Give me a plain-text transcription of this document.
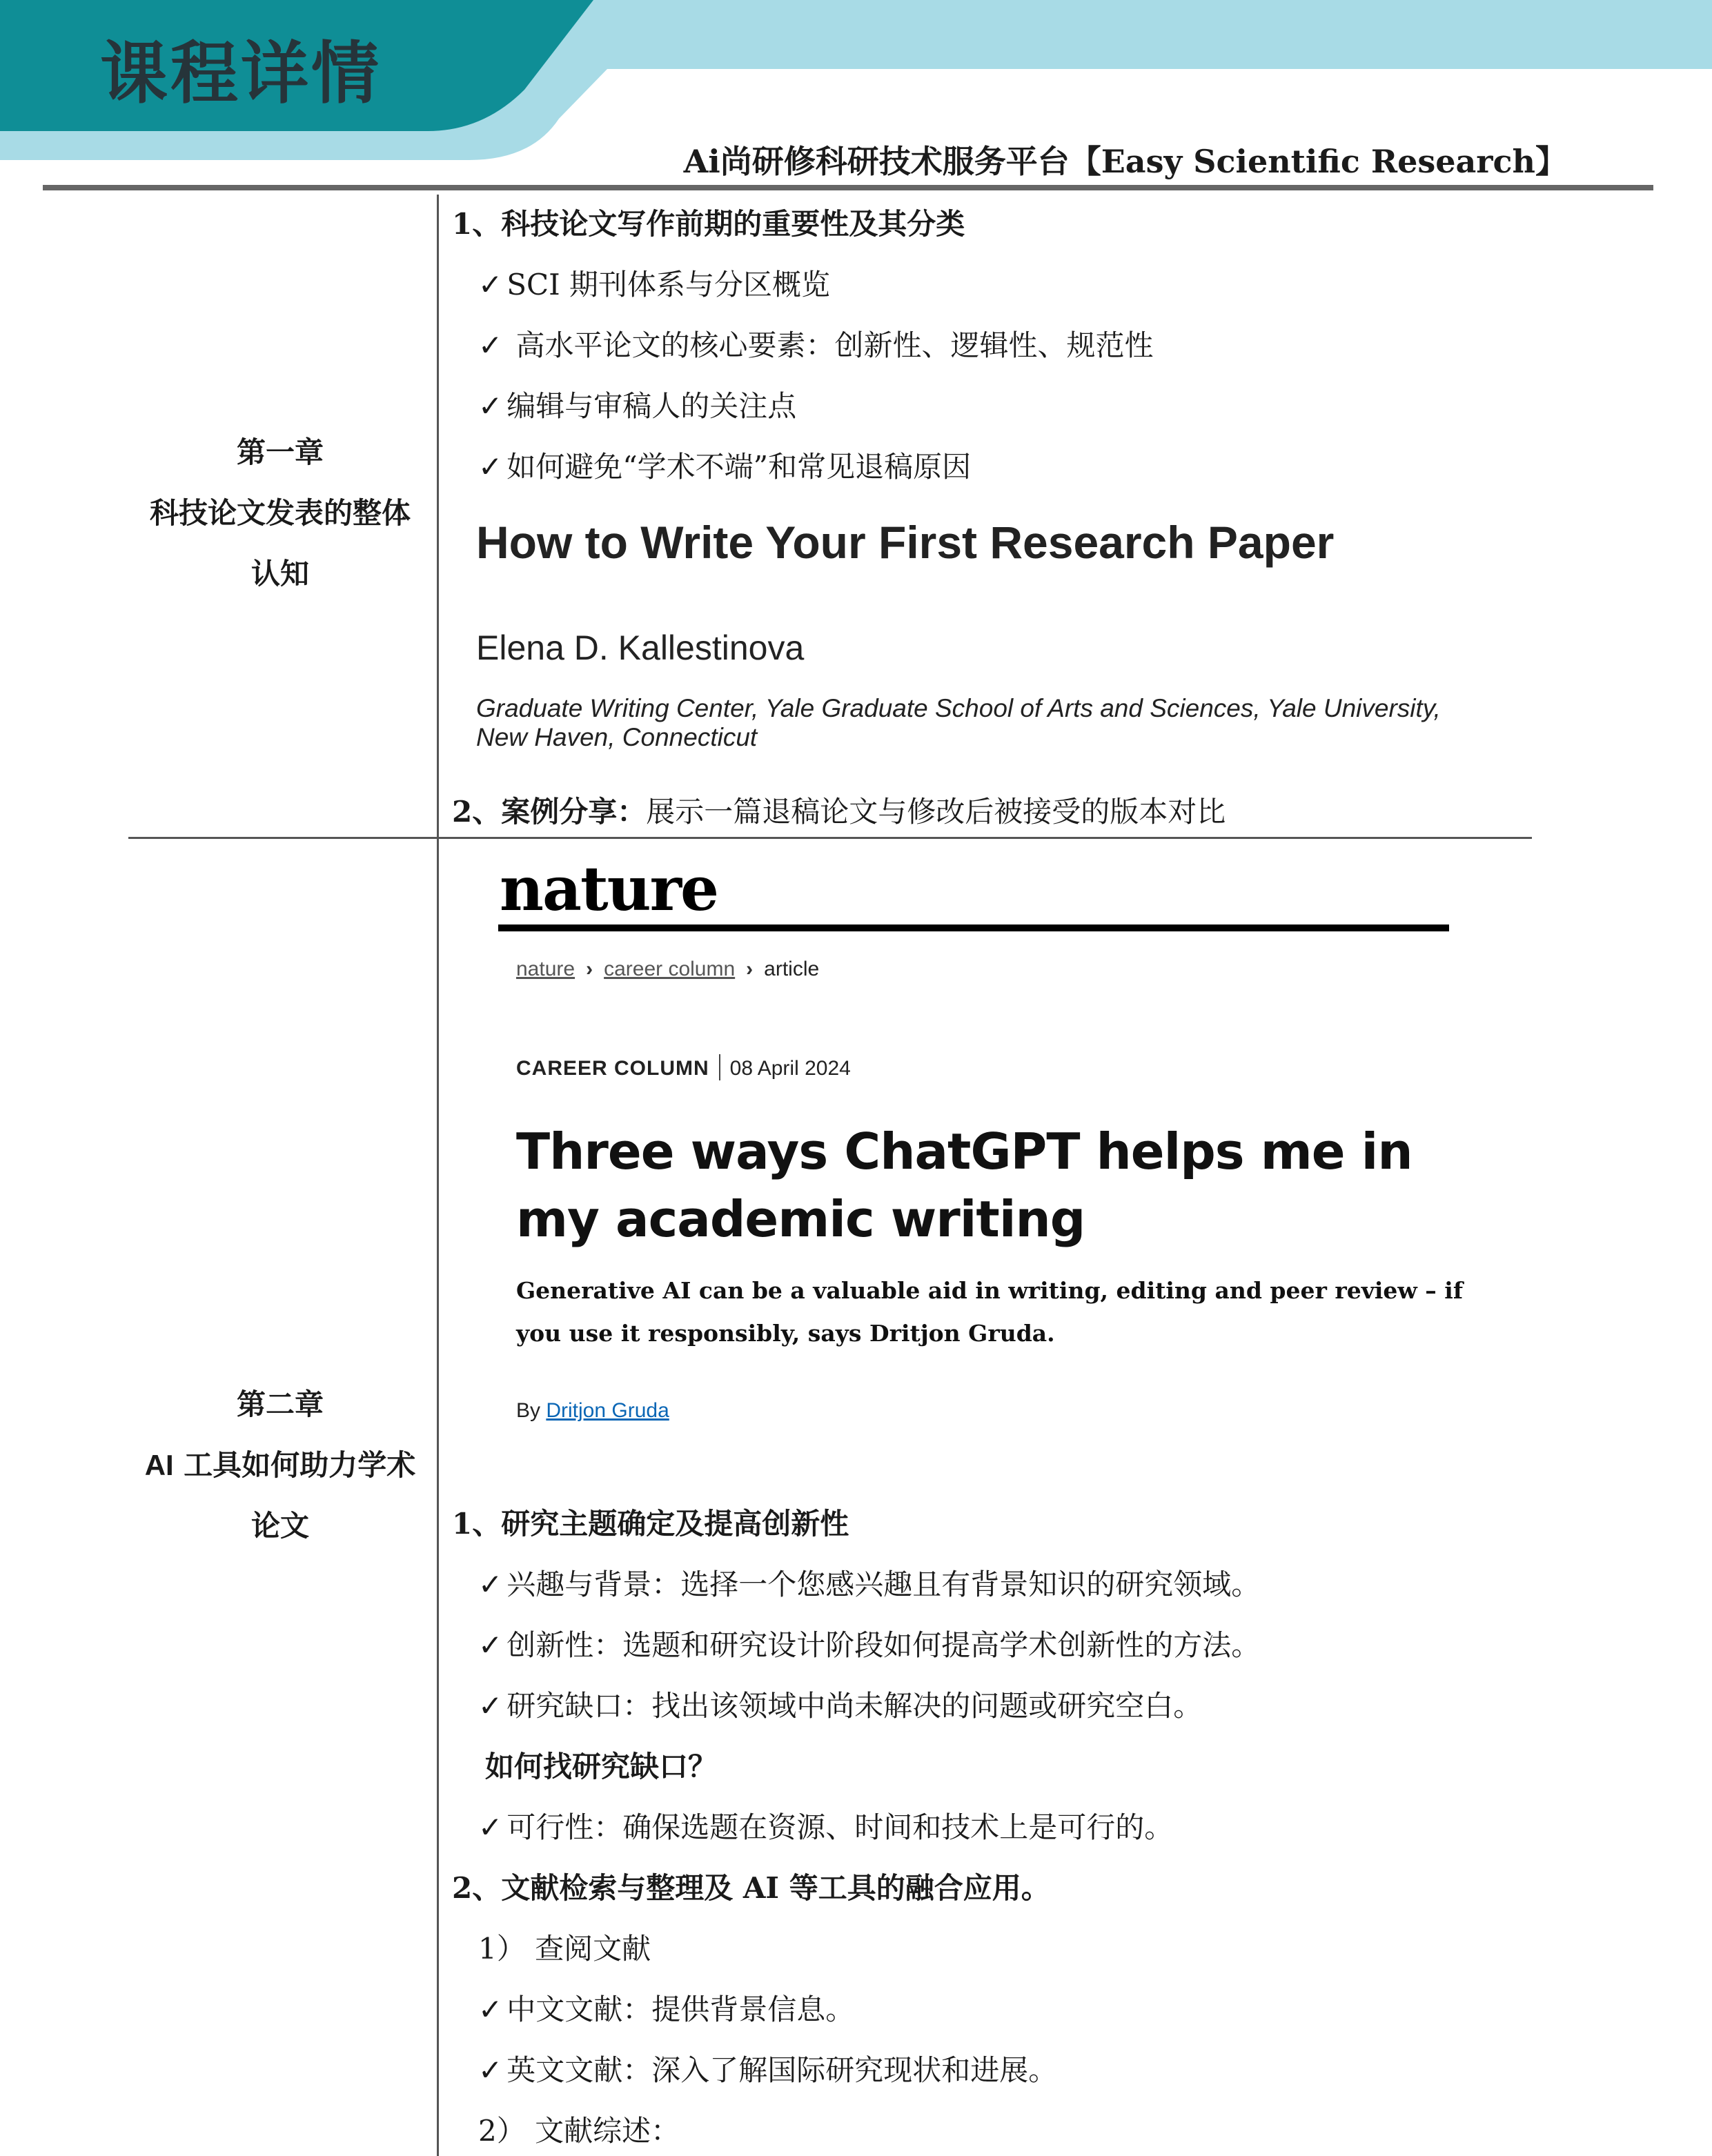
课程详情
Ai尚研修科研技术服务平台【Easy Scientific Research】
第一章
科技论文发表的整体
认知
1、科技论文写作前期的重要性及其分类
✓ SCI 期刊体系与分区概览
✓ 高水平论文的核心要素：创新性、逻辑性、规范性
✓ 编辑与审稿人的关注点
✓ 如何避免“学术不端”和常见退稿原因
How to Write Your First Research Paper
Elena D. Kallestinova
Graduate Writing Center, Yale Graduate School of Arts and Sciences, Yale University, New Haven, Connecticut
2、案例分享：展示一篇退稿论文与修改后被接受的版本对比
第二章
AI 工具如何助力学术
论文
nature
nature › career column › article
CAREER COLUMN 08 April 2024
Three ways ChatGPT helps me in my academic writing
Generative AI can be a valuable aid in writing, editing and peer review – if you use it responsibly, says Dritjon Gruda.
By Dritjon Gruda
1、研究主题确定及提高创新性
✓ 兴趣与背景：选择一个您感兴趣且有背景知识的研究领域。
✓ 创新性：选题和研究设计阶段如何提高学术创新性的方法。
✓ 研究缺口：找出该领域中尚未解决的问题或研究空白。
如何找研究缺口？
✓ 可行性：确保选题在资源、时间和技术上是可行的。
2、文献检索与整理及 AI 等工具的融合应用。
1） 查阅文献
✓ 中文文献：提供背景信息。
✓ 英文文献：深入了解国际研究现状和进展。
2） 文献综述：
